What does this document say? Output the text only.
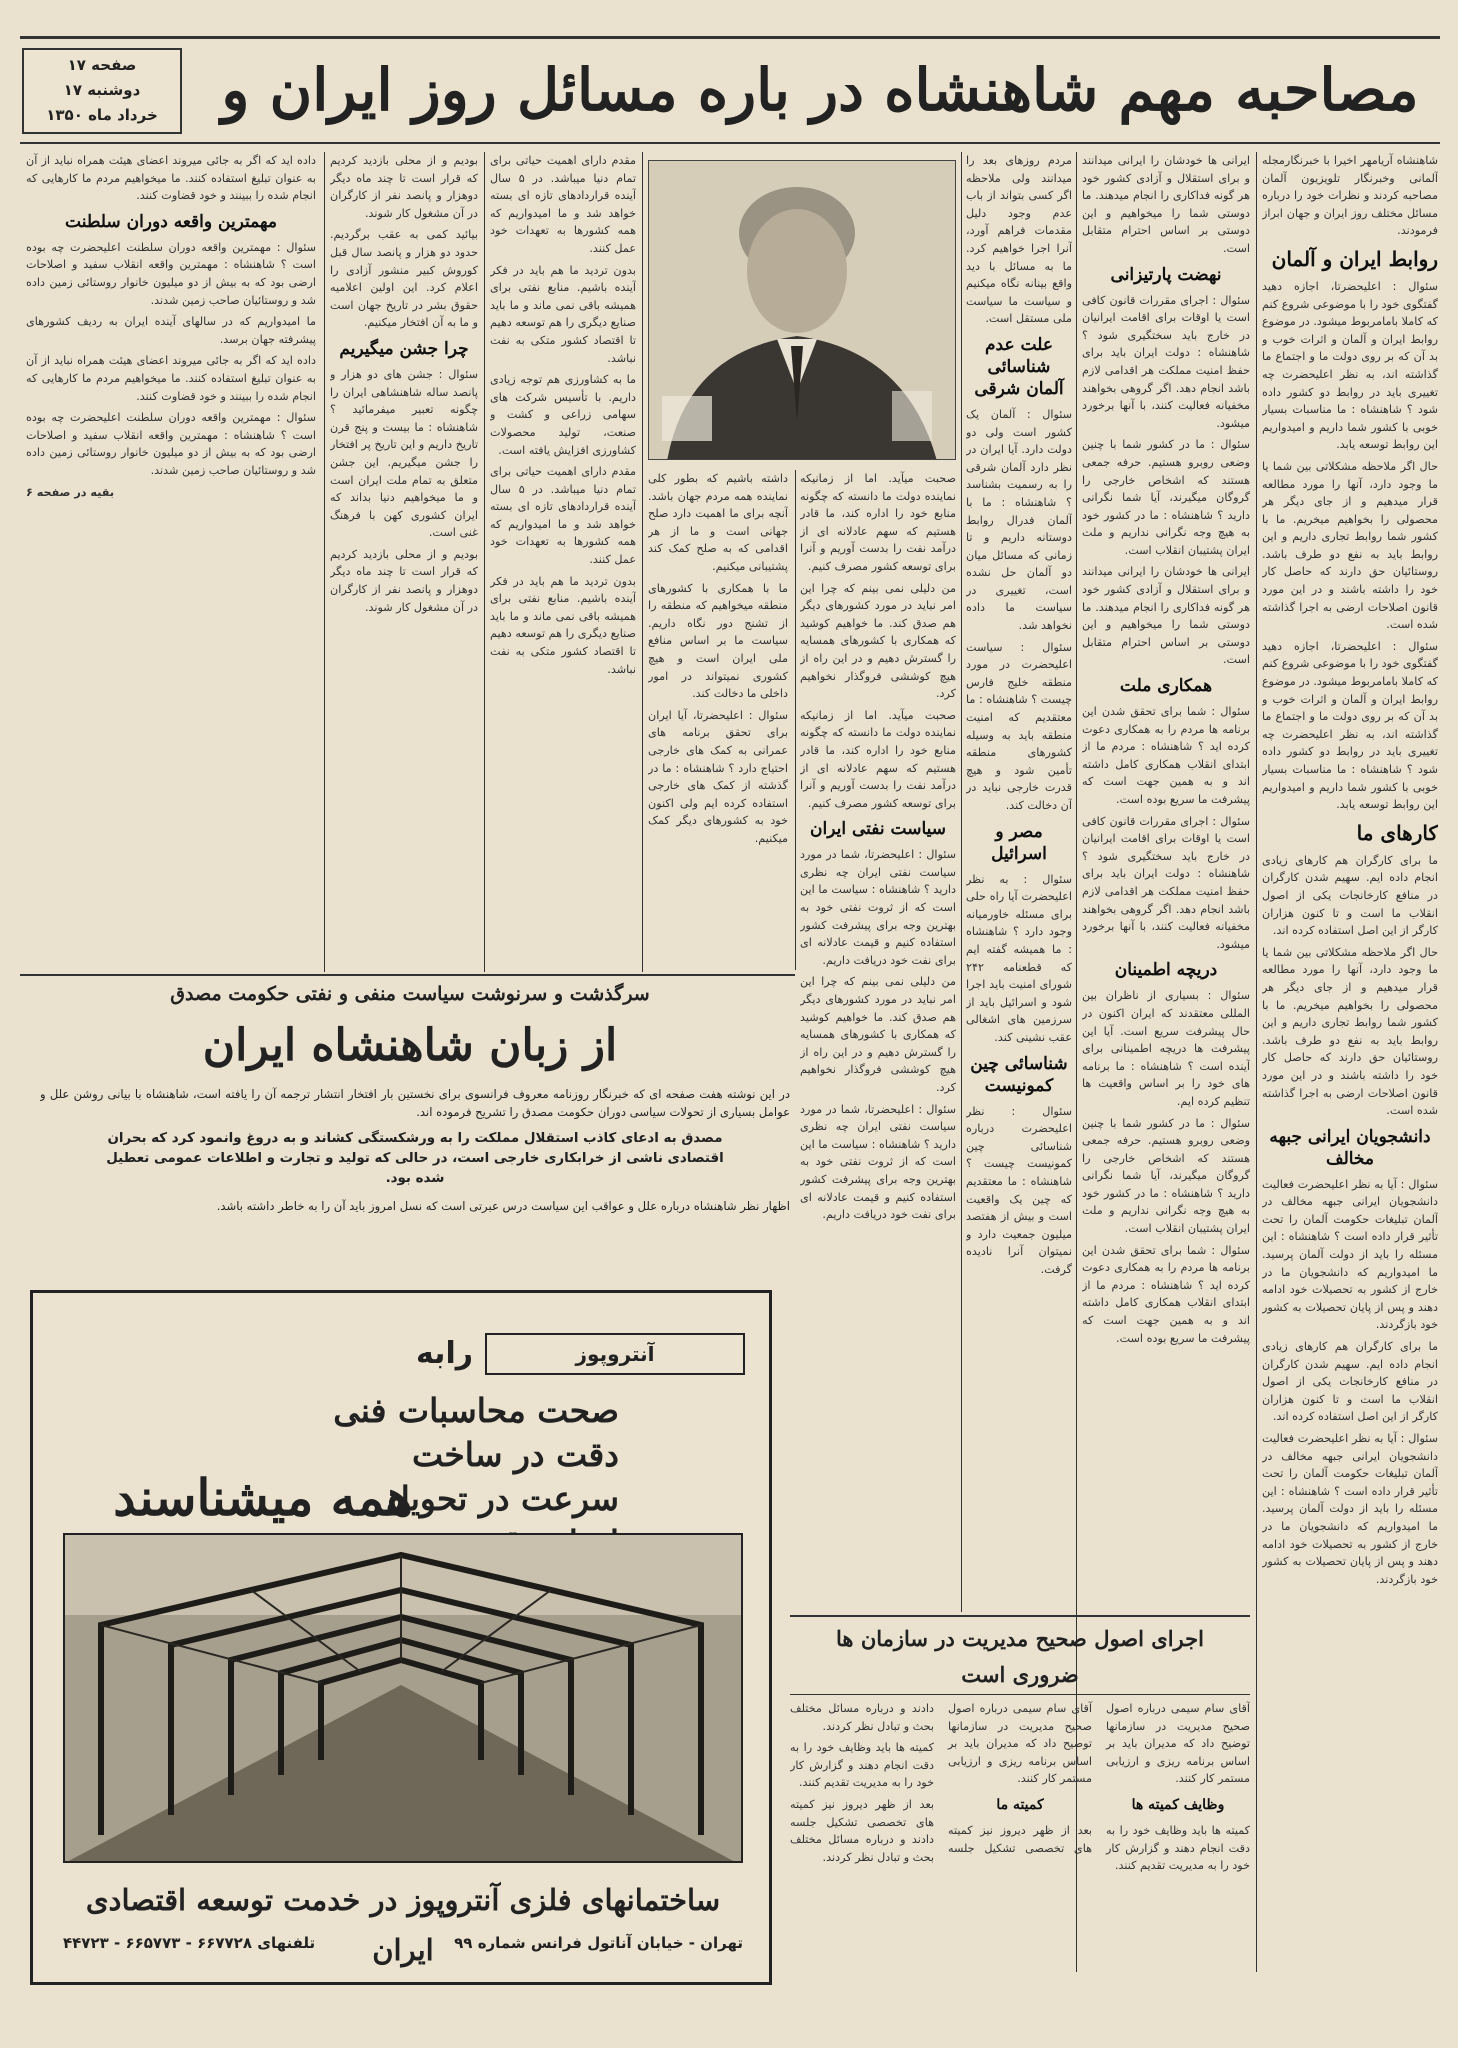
صفحه ۱۷
دوشنبه ۱۷
خرداد ماه ۱۳۵۰	مصاحبه مهم شاهنشاه در باره مسائل روز ایران و

شاهنشاه آریامهر اخیرا با خبرنگارمجله آلمانی وخبرنگار تلویزیون آلمان مصاحبه کردند و نظرات خود را درباره مسائل مختلف روز ایران و جهان ابراز فرمودند.

روابط ایران و آلمان

سئوال : اعلیحضرتا، اجازه دهید گفتگوی خود را با موضوعی شروع کنم که کاملا بامامربوط میشود. در موضوع روابط ایران و آلمان و اثرات خوب و بد آن که بر روی دولت ما و اجتماع ما گذاشته اند، به نظر اعلیحضرت چه تغییری باید در روابط دو کشور داده شود ؟ شاهنشاه : ما مناسبات بسیار خوبی با کشور شما داریم و امیدواریم این روابط توسعه یابد.

حال اگر ملاحظه مشکلاتی بین شما یا ما وجود دارد، آنها را مورد مطالعه قرار میدهیم و از جای دیگر هر محصولی را بخواهیم میخریم. ما با کشور شما روابط تجاری داریم و این روابط باید به نفع دو طرف باشد. روستائیان حق دارند که حاصل کار خود را داشته باشند و در این مورد قانون اصلاحات ارضی به اجرا گذاشته شده است.

سئوال : اعلیحضرتا، اجازه دهید گفتگوی خود را با موضوعی شروع کنم که کاملا بامامربوط میشود. در موضوع روابط ایران و آلمان و اثرات خوب و بد آن که بر روی دولت ما و اجتماع ما گذاشته اند، به نظر اعلیحضرت چه تغییری باید در روابط دو کشور داده شود ؟ شاهنشاه : ما مناسبات بسیار خوبی با کشور شما داریم و امیدواریم این روابط توسعه یابد.

کارهای ما

ما برای کارگران هم کارهای زیادی انجام داده ایم. سهیم شدن کارگران در منافع کارخانجات یکی از اصول انقلاب ما است و تا کنون هزاران کارگر از این اصل استفاده کرده اند.

حال اگر ملاحظه مشکلاتی بین شما یا ما وجود دارد، آنها را مورد مطالعه قرار میدهیم و از جای دیگر هر محصولی را بخواهیم میخریم. ما با کشور شما روابط تجاری داریم و این روابط باید به نفع دو طرف باشد. روستائیان حق دارند که حاصل کار خود را داشته باشند و در این مورد قانون اصلاحات ارضی به اجرا گذاشته شده است.

دانشجویان ایرانی جبهه مخالف

سئوال : آیا به نظر اعلیحضرت فعالیت دانشجویان ایرانی جبهه مخالف در آلمان تبلیغات حکومت آلمان را تحت تأثیر قرار داده است ؟ شاهنشاه : این مسئله را باید از دولت آلمان پرسید. ما امیدواریم که دانشجویان ما در خارج از کشور به تحصیلات خود ادامه دهند و پس از پایان تحصیلات به کشور خود بازگردند.

ما برای کارگران هم کارهای زیادی انجام داده ایم. سهیم شدن کارگران در منافع کارخانجات یکی از اصول انقلاب ما است و تا کنون هزاران کارگر از این اصل استفاده کرده اند.

سئوال : آیا به نظر اعلیحضرت فعالیت دانشجویان ایرانی جبهه مخالف در آلمان تبلیغات حکومت آلمان را تحت تأثیر قرار داده است ؟ شاهنشاه : این مسئله را باید از دولت آلمان پرسید. ما امیدواریم که دانشجویان ما در خارج از کشور به تحصیلات خود ادامه دهند و پس از پایان تحصیلات به کشور خود بازگردند.

ایرانی ها خودشان را ایرانی میدانند و برای استقلال و آزادی کشور خود هر گونه فداکاری را انجام میدهند. ما دوستی شما را میخواهیم و این دوستی بر اساس احترام متقابل است.

نهضت پارتیزانی

سئوال : اجرای مقررات قانون کافی است یا اوقات برای اقامت ایرانیان در خارج باید سختگیری شود ؟ شاهنشاه : دولت ایران باید برای حفظ امنیت مملکت هر اقدامی لازم باشد انجام دهد. اگر گروهی بخواهند مخفیانه فعالیت کنند، با آنها برخورد میشود.

سئوال : ما در کشور شما با چنین وضعی روبرو هستیم. حرفه جمعی هستند که اشخاص خارجی را گروگان میگیرند، آیا شما نگرانی دارید ؟ شاهنشاه : ما در کشور خود به هیچ وجه نگرانی نداریم و ملت ایران پشتیبان انقلاب است.

ایرانی ها خودشان را ایرانی میدانند و برای استقلال و آزادی کشور خود هر گونه فداکاری را انجام میدهند. ما دوستی شما را میخواهیم و این دوستی بر اساس احترام متقابل است.

همکاری ملت

سئوال : شما برای تحقق شدن این برنامه ها مردم را به همکاری دعوت کرده اید ؟ شاهنشاه : مردم ما از ابتدای انقلاب همکاری کامل داشته اند و به همین جهت است که پیشرفت ما سریع بوده است.

سئوال : اجرای مقررات قانون کافی است یا اوقات برای اقامت ایرانیان در خارج باید سختگیری شود ؟ شاهنشاه : دولت ایران باید برای حفظ امنیت مملکت هر اقدامی لازم باشد انجام دهد. اگر گروهی بخواهند مخفیانه فعالیت کنند، با آنها برخورد میشود.

دریچه اطمینان

سئوال : بسیاری از ناظران بین المللی معتقدند که ایران اکنون در حال پیشرفت سریع است. آیا این پیشرفت ها دریچه اطمینانی برای آینده است ؟ شاهنشاه : ما برنامه های خود را بر اساس واقعیت ها تنظیم کرده ایم.

سئوال : ما در کشور شما با چنین وضعی روبرو هستیم. حرفه جمعی هستند که اشخاص خارجی را گروگان میگیرند، آیا شما نگرانی دارید ؟ شاهنشاه : ما در کشور خود به هیچ وجه نگرانی نداریم و ملت ایران پشتیبان انقلاب است.

سئوال : شما برای تحقق شدن این برنامه ها مردم را به همکاری دعوت کرده اید ؟ شاهنشاه : مردم ما از ابتدای انقلاب همکاری کامل داشته اند و به همین جهت است که پیشرفت ما سریع بوده است.

مردم روزهای بعد را میدانند ولی ملاحظه اگر کسی بتواند از باب عدم وجود دلیل مقدمات فراهم آورد، آنرا اجرا خواهیم کرد. ما به مسائل با دید واقع بینانه نگاه میکنیم و سیاست ما سیاست ملی مستقل است.

علت عدم شناسائی آلمان شرقی

سئوال : آلمان یک کشور است ولی دو دولت دارد. آیا ایران در نظر دارد آلمان شرقی را به رسمیت بشناسد ؟ شاهنشاه : ما با آلمان فدرال روابط دوستانه داریم و تا زمانی که مسائل میان دو آلمان حل نشده است، تغییری در سیاست ما داده نخواهد شد.

سئوال : سیاست اعلیحضرت در مورد منطقه خلیج فارس چیست ؟ شاهنشاه : ما معتقدیم که امنیت منطقه باید به وسیله کشورهای منطقه تأمین شود و هیچ قدرت خارجی نباید در آن دخالت کند.

مصر و اسرائیل

سئوال : به نظر اعلیحضرت آیا راه حلی برای مسئله خاورمیانه وجود دارد ؟ شاهنشاه : ما همیشه گفته ایم که قطعنامه ۲۴۲ شورای امنیت باید اجرا شود و اسرائیل باید از سرزمین های اشغالی عقب نشینی کند.

شناسائی چین کمونیست

سئوال : نظر اعلیحضرت درباره شناسائی چین کمونیست چیست ؟ شاهنشاه : ما معتقدیم که چین یک واقعیت است و بیش از هفتصد میلیون جمعیت دارد و نمیتوان آنرا نادیده گرفت.

صحبت میآید. اما از زمانیکه نماینده دولت ما دانسته که چگونه منابع خود را اداره کند، ما قادر هستیم که سهم عادلانه ای از درآمد نفت را بدست آوریم و آنرا برای توسعه کشور مصرف کنیم.

من دلیلی نمی بینم که چرا این امر نباید در مورد کشورهای دیگر هم صدق کند. ما خواهیم کوشید که همکاری با کشورهای همسایه را گسترش دهیم و در این راه از هیچ کوششی فروگذار نخواهیم کرد.

صحبت میآید. اما از زمانیکه نماینده دولت ما دانسته که چگونه منابع خود را اداره کند، ما قادر هستیم که سهم عادلانه ای از درآمد نفت را بدست آوریم و آنرا برای توسعه کشور مصرف کنیم.

سیاست نفتی ایران

سئوال : اعلیحضرتا، شما در مورد سیاست نفتی ایران چه نظری دارید ؟ شاهنشاه : سیاست ما این است که از ثروت نفتی خود به بهترین وجه برای پیشرفت کشور استفاده کنیم و قیمت عادلانه ای برای نفت خود دریافت داریم.

من دلیلی نمی بینم که چرا این امر نباید در مورد کشورهای دیگر هم صدق کند. ما خواهیم کوشید که همکاری با کشورهای همسایه را گسترش دهیم و در این راه از هیچ کوششی فروگذار نخواهیم کرد.

سئوال : اعلیحضرتا، شما در مورد سیاست نفتی ایران چه نظری دارید ؟ شاهنشاه : سیاست ما این است که از ثروت نفتی خود به بهترین وجه برای پیشرفت کشور استفاده کنیم و قیمت عادلانه ای برای نفت خود دریافت داریم.

داشته باشیم که بطور کلی نماینده همه مردم جهان باشد. آنچه برای ما اهمیت دارد صلح جهانی است و ما از هر اقدامی که به صلح کمک کند پشتیبانی میکنیم.

ما با همکاری با کشورهای منطقه میخواهیم که منطقه را از تشنج دور نگاه داریم. سیاست ما بر اساس منافع ملی ایران است و هیچ کشوری نمیتواند در امور داخلی ما دخالت کند.

سئوال : اعلیحضرتا، آیا ایران برای تحقق برنامه های عمرانی به کمک های خارجی احتیاج دارد ؟ شاهنشاه : ما در گذشته از کمک های خارجی استفاده کرده ایم ولی اکنون خود به کشورهای دیگر کمک میکنیم.

مقدم دارای اهمیت حیاتی برای تمام دنیا میباشد. در ۵ سال آینده قراردادهای تازه ای بسته خواهد شد و ما امیدواریم که همه کشورها به تعهدات خود عمل کنند.

بدون تردید ما هم باید در فکر آینده باشیم. منابع نفتی برای همیشه باقی نمی ماند و ما باید صنایع دیگری را هم توسعه دهیم تا اقتصاد کشور متکی به نفت نباشد.

ما به کشاورزی هم توجه زیادی داریم. با تأسیس شرکت های سهامی زراعی و کشت و صنعت، تولید محصولات کشاورزی افزایش یافته است.

مقدم دارای اهمیت حیاتی برای تمام دنیا میباشد. در ۵ سال آینده قراردادهای تازه ای بسته خواهد شد و ما امیدواریم که همه کشورها به تعهدات خود عمل کنند.

بدون تردید ما هم باید در فکر آینده باشیم. منابع نفتی برای همیشه باقی نمی ماند و ما باید صنایع دیگری را هم توسعه دهیم تا اقتصاد کشور متکی به نفت نباشد.

بودیم و از محلی بازدید کردیم که قرار است تا چند ماه دیگر دوهزار و پانصد نفر از کارگران در آن مشغول کار شوند.

بیائید کمی به عقب برگردیم. حدود دو هزار و پانصد سال قبل کوروش کبیر منشور آزادی را اعلام کرد. این اولین اعلامیه حقوق بشر در تاریخ جهان است و ما به آن افتخار میکنیم.

چرا جشن میگیریم

سئوال : جشن های دو هزار و پانصد ساله شاهنشاهی ایران را چگونه تعبیر میفرمائید ؟ شاهنشاه : ما بیست و پنج قرن تاریخ داریم و این تاریخ پر افتخار را جشن میگیریم. این جشن متعلق به تمام ملت ایران است و ما میخواهیم دنیا بداند که ایران کشوری کهن با فرهنگ غنی است.

بودیم و از محلی بازدید کردیم که قرار است تا چند ماه دیگر دوهزار و پانصد نفر از کارگران در آن مشغول کار شوند.

داده اید که اگر به جائی میروند اعضای هیئت همراه نباید از آن به عنوان تبلیغ استفاده کنند. ما میخواهیم مردم ما کارهایی که انجام شده را ببینند و خود قضاوت کنند.

مهمترین واقعه دوران سلطنت

سئوال : مهمترین واقعه دوران سلطنت اعلیحضرت چه بوده است ؟ شاهنشاه : مهمترین واقعه انقلاب سفید و اصلاحات ارضی بود که به بیش از دو میلیون خانوار روستائی زمین داده شد و روستائیان صاحب زمین شدند.

ما امیدواریم که در سالهای آینده ایران به ردیف کشورهای پیشرفته جهان برسد.

داده اید که اگر به جائی میروند اعضای هیئت همراه نباید از آن به عنوان تبلیغ استفاده کنند. ما میخواهیم مردم ما کارهایی که انجام شده را ببینند و خود قضاوت کنند.

سئوال : مهمترین واقعه دوران سلطنت اعلیحضرت چه بوده است ؟ شاهنشاه : مهمترین واقعه انقلاب سفید و اصلاحات ارضی بود که به بیش از دو میلیون خانوار روستائی زمین داده شد و روستائیان صاحب زمین شدند.

بقیه در صفحه ۶

سرگذشت و سرنوشت سیاست منفی و نفتی حکومت مصدق
از زبان شاهنشاه ایران
در این نوشته هفت صفحه ای که خبرنگار روزنامه معروف فرانسوی برای نخستین بار افتخار انتشار ترجمه آن را یافته است، شاهنشاه با بیانی روشن علل و عوامل بسیاری از تحولات سیاسی دوران حکومت مصدق را تشریح فرموده اند.
مصدق به ادعای کاذب استقلال مملکت را به ورشکستگی کشاند و به دروغ وانمود کرد که بحران اقتصادی ناشی از خرابکاری خارجی است، در حالی که تولید و تجارت و اطلاعات عمومی تعطیل شده بود.
اظهار نظر شاهنشاه درباره علل و عواقب این سیاست درس عبرتی است که نسل امروز باید آن را به خاطر داشته باشد.
آنتروپوز
رابه
صحت محاسبات فنی
دقت در ساخت
سرعت در تحویل
همه میشناسند
ساختمانهای فلزی آنتروپوز در خدمت توسعه اقتصادی ایران	تهران - خیابان آناتول فرانس شماره ۹۹
تلفنهای ۶۶۷۷۲۸ - ۶۶۵۷۷۳ - ۴۴۷۲۳
اجرای اصول صحیح مدیریت در سازمان ها ضروری است

آقای سام سیمی درباره اصول صحیح مدیریت در سازمانها توضیح داد که مدیران باید بر اساس برنامه ریزی و ارزیابی مستمر کار کنند.

وظایف کمیته ها

کمیته ها باید وظایف خود را به دقت انجام دهند و گزارش کار خود را به مدیریت تقدیم کنند.

آقای سام سیمی درباره اصول صحیح مدیریت در سازمانها توضیح داد که مدیران باید بر اساس برنامه ریزی و ارزیابی مستمر کار کنند.

کمیته ما

بعد از ظهر دیروز نیز کمیته های تخصصی تشکیل جلسه دادند و درباره مسائل مختلف بحث و تبادل نظر کردند.

کمیته ها باید وظایف خود را به دقت انجام دهند و گزارش کار خود را به مدیریت تقدیم کنند.

بعد از ظهر دیروز نیز کمیته های تخصصی تشکیل جلسه دادند و درباره مسائل مختلف بحث و تبادل نظر کردند.
